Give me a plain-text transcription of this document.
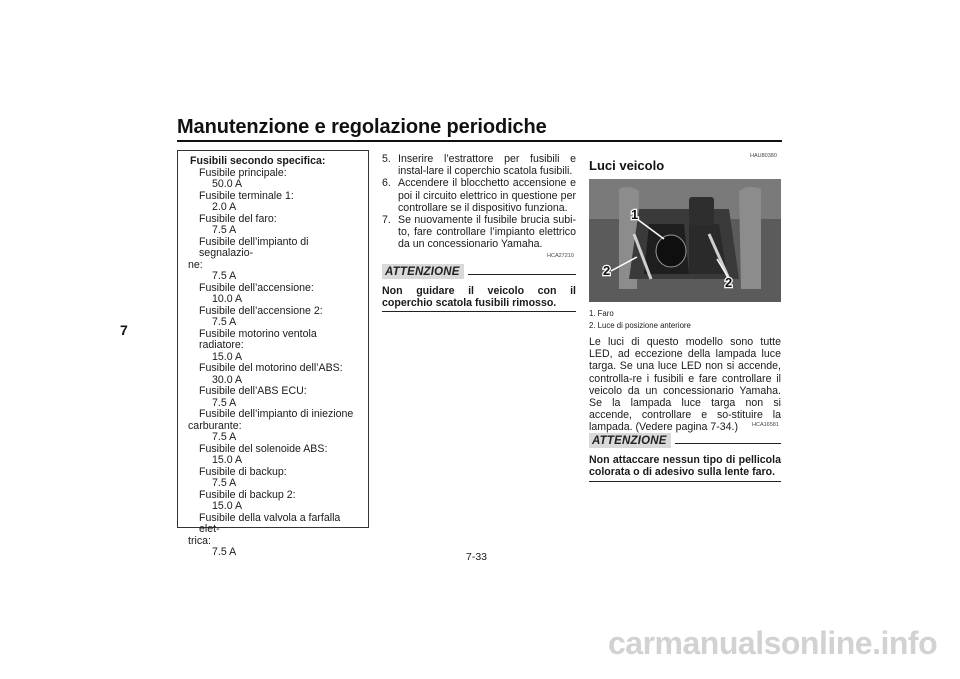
Manutenzione e regolazione periodiche
7
Fusibili secondo specifica:
Fusibile principale:
50.0 A
Fusibile terminale 1:
2.0 A
Fusibile del faro:
7.5 A
Fusibile dell’impianto di segnalazio-
ne:
7.5 A
Fusibile dell’accensione:
10.0 A
Fusibile dell’accensione 2:
7.5 A
Fusibile motorino ventola radiatore:
15.0 A
Fusibile del motorino dell’ABS:
30.0 A
Fusibile dell’ABS ECU:
7.5 A
Fusibile dell’impianto di iniezione
carburante:
7.5 A
Fusibile del solenoide ABS:
15.0 A
Fusibile di backup:
7.5 A
Fusibile di backup 2:
15.0 A
Fusibile della valvola a farfalla elet-
trica:
7.5 A
5. Inserire l’estrattore per fusibili e instal-lare il coperchio scatola fusibili.
6. Accendere il blocchetto accensione e poi il circuito elettrico in questione per controllare se il dispositivo funziona.
7. Se nuovamente il fusibile brucia subi-to, fare controllare l’impianto elettrico da un concessionario Yamaha.
ATTENZIONE
HCA27210
Non guidare il veicolo con il coperchio scatola fusibili rimosso.
HAU80380
Luci veicolo
1
2
2
1. Faro
2. Luce di posizione anteriore
Le luci di questo modello sono tutte LED, ad eccezione della lampada luce targa. Se una luce LED non si accende, controlla-re i fusibili e fare controllare il veicolo da un concessionario Yamaha. Se la lampada luce targa non si accende, controllare e so-stituire la lampada. (Vedere pagina 7-34.)
ATTENZIONE
HCA16581
Non attaccare nessun tipo di pellicola colorata o di adesivo sulla lente faro.
7-33
carmanualsonline.info
